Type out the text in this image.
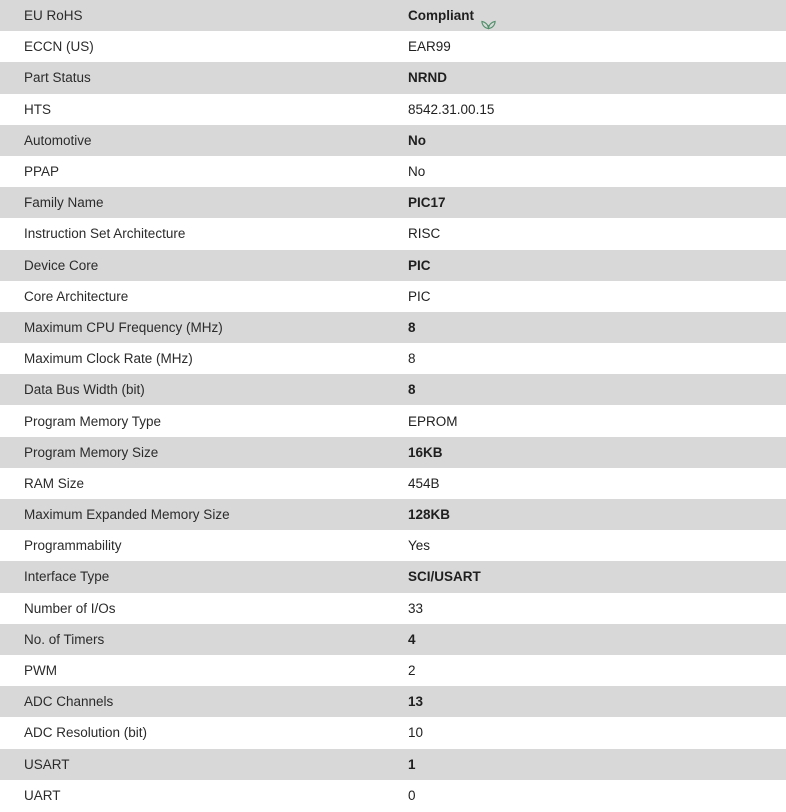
EU RoHS	Compliant

ECCN (US)	EAR99

Part Status	NRND

HTS	8542.31.00.15

Automotive	No

PPAP	No

Family Name	PIC17

Instruction Set Architecture	RISC

Device Core	PIC

Core Architecture	PIC

Maximum CPU Frequency (MHz)	8

Maximum Clock Rate (MHz)	8

Data Bus Width (bit)	8

Program Memory Type	EPROM

Program Memory Size	16KB

RAM Size	454B

Maximum Expanded Memory Size	128KB

Programmability	Yes

Interface Type	SCI/USART

Number of I/Os	33

No. of Timers	4

PWM	2

ADC Channels	13

ADC Resolution (bit)	10

USART	1

UART	0
